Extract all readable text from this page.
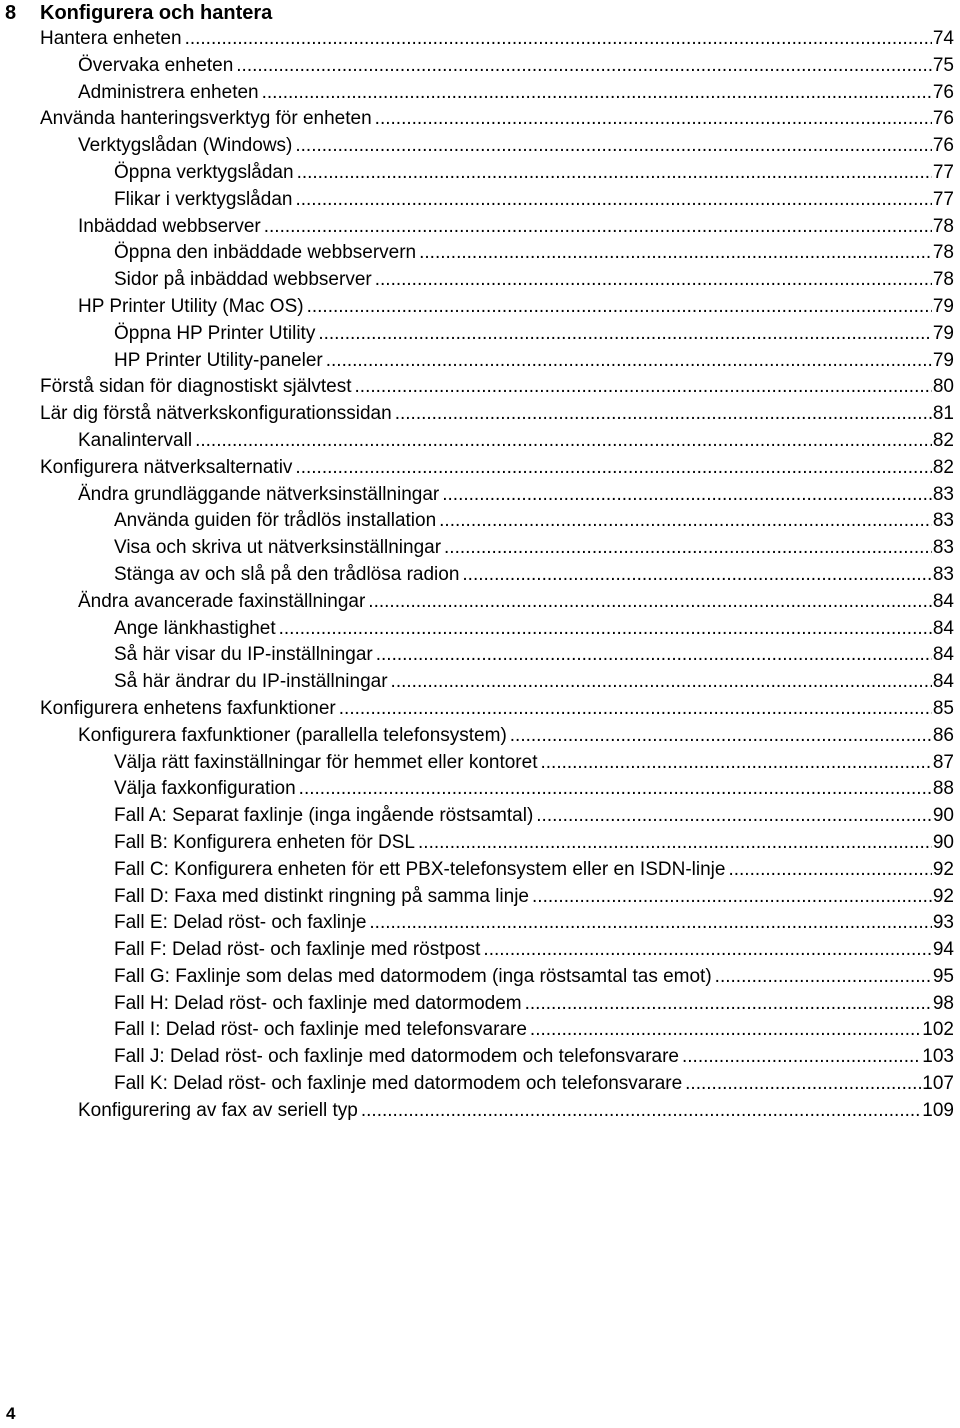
8 Konfigurera och hantera
Hantera enheten .....	74
Övervaka enheten .....	75
Administrera enheten .....	76
Använda hanteringsverktyg för enheten .....	76
Verktygslådan (Windows) .....	76
Öppna verktygslådan .....	77
Flikar i verktygslådan .....	77
Inbäddad webbserver .....	78
Öppna den inbäddade webbservern .....	78
Sidor på inbäddad webbserver .....	78
HP Printer Utility (Mac OS) .....	79
Öppna HP Printer Utility .....	79
HP Printer Utility-paneler .....	79
Förstå sidan för diagnostiskt självtest .....	80
Lär dig förstå nätverkskonfigurationssidan .....	81
Kanalintervall .....	82
Konfigurera nätverksalternativ .....	82
Ändra grundläggande nätverksinställningar .....	83
Använda guiden för trådlös installation .....	83
Visa och skriva ut nätverksinställningar .....	83
Stänga av och slå på den trådlösa radion .....	83
Ändra avancerade faxinställningar .....	84
Ange länkhastighet .....	84
Så här visar du IP-inställningar .....	84
Så här ändrar du IP-inställningar .....	84
Konfigurera enhetens faxfunktioner .....	85
Konfigurera faxfunktioner (parallella telefonsystem) .....	86
Välja rätt faxinställningar för hemmet eller kontoret .....	87
Välja faxkonfiguration .....	88
Fall A: Separat faxlinje (inga ingående röstsamtal) .....	90
Fall B: Konfigurera enheten för DSL .....	90
Fall C: Konfigurera enheten för ett PBX-telefonsystem eller en ISDN-linje .....	92
Fall D: Faxa med distinkt ringning på samma linje .....	92
Fall E: Delad röst- och faxlinje .....	93
Fall F: Delad röst- och faxlinje med röstpost .....	94
Fall G: Faxlinje som delas med datormodem (inga röstsamtal tas emot) .....	95
Fall H: Delad röst- och faxlinje med datormodem .....	98
Fall I: Delad röst- och faxlinje med telefonsvarare .....	102
Fall J: Delad röst- och faxlinje med datormodem och telefonsvarare .....	103
Fall K: Delad röst- och faxlinje med datormodem och telefonsvarare .....	107
Konfigurering av fax av seriell typ .....	109
4
